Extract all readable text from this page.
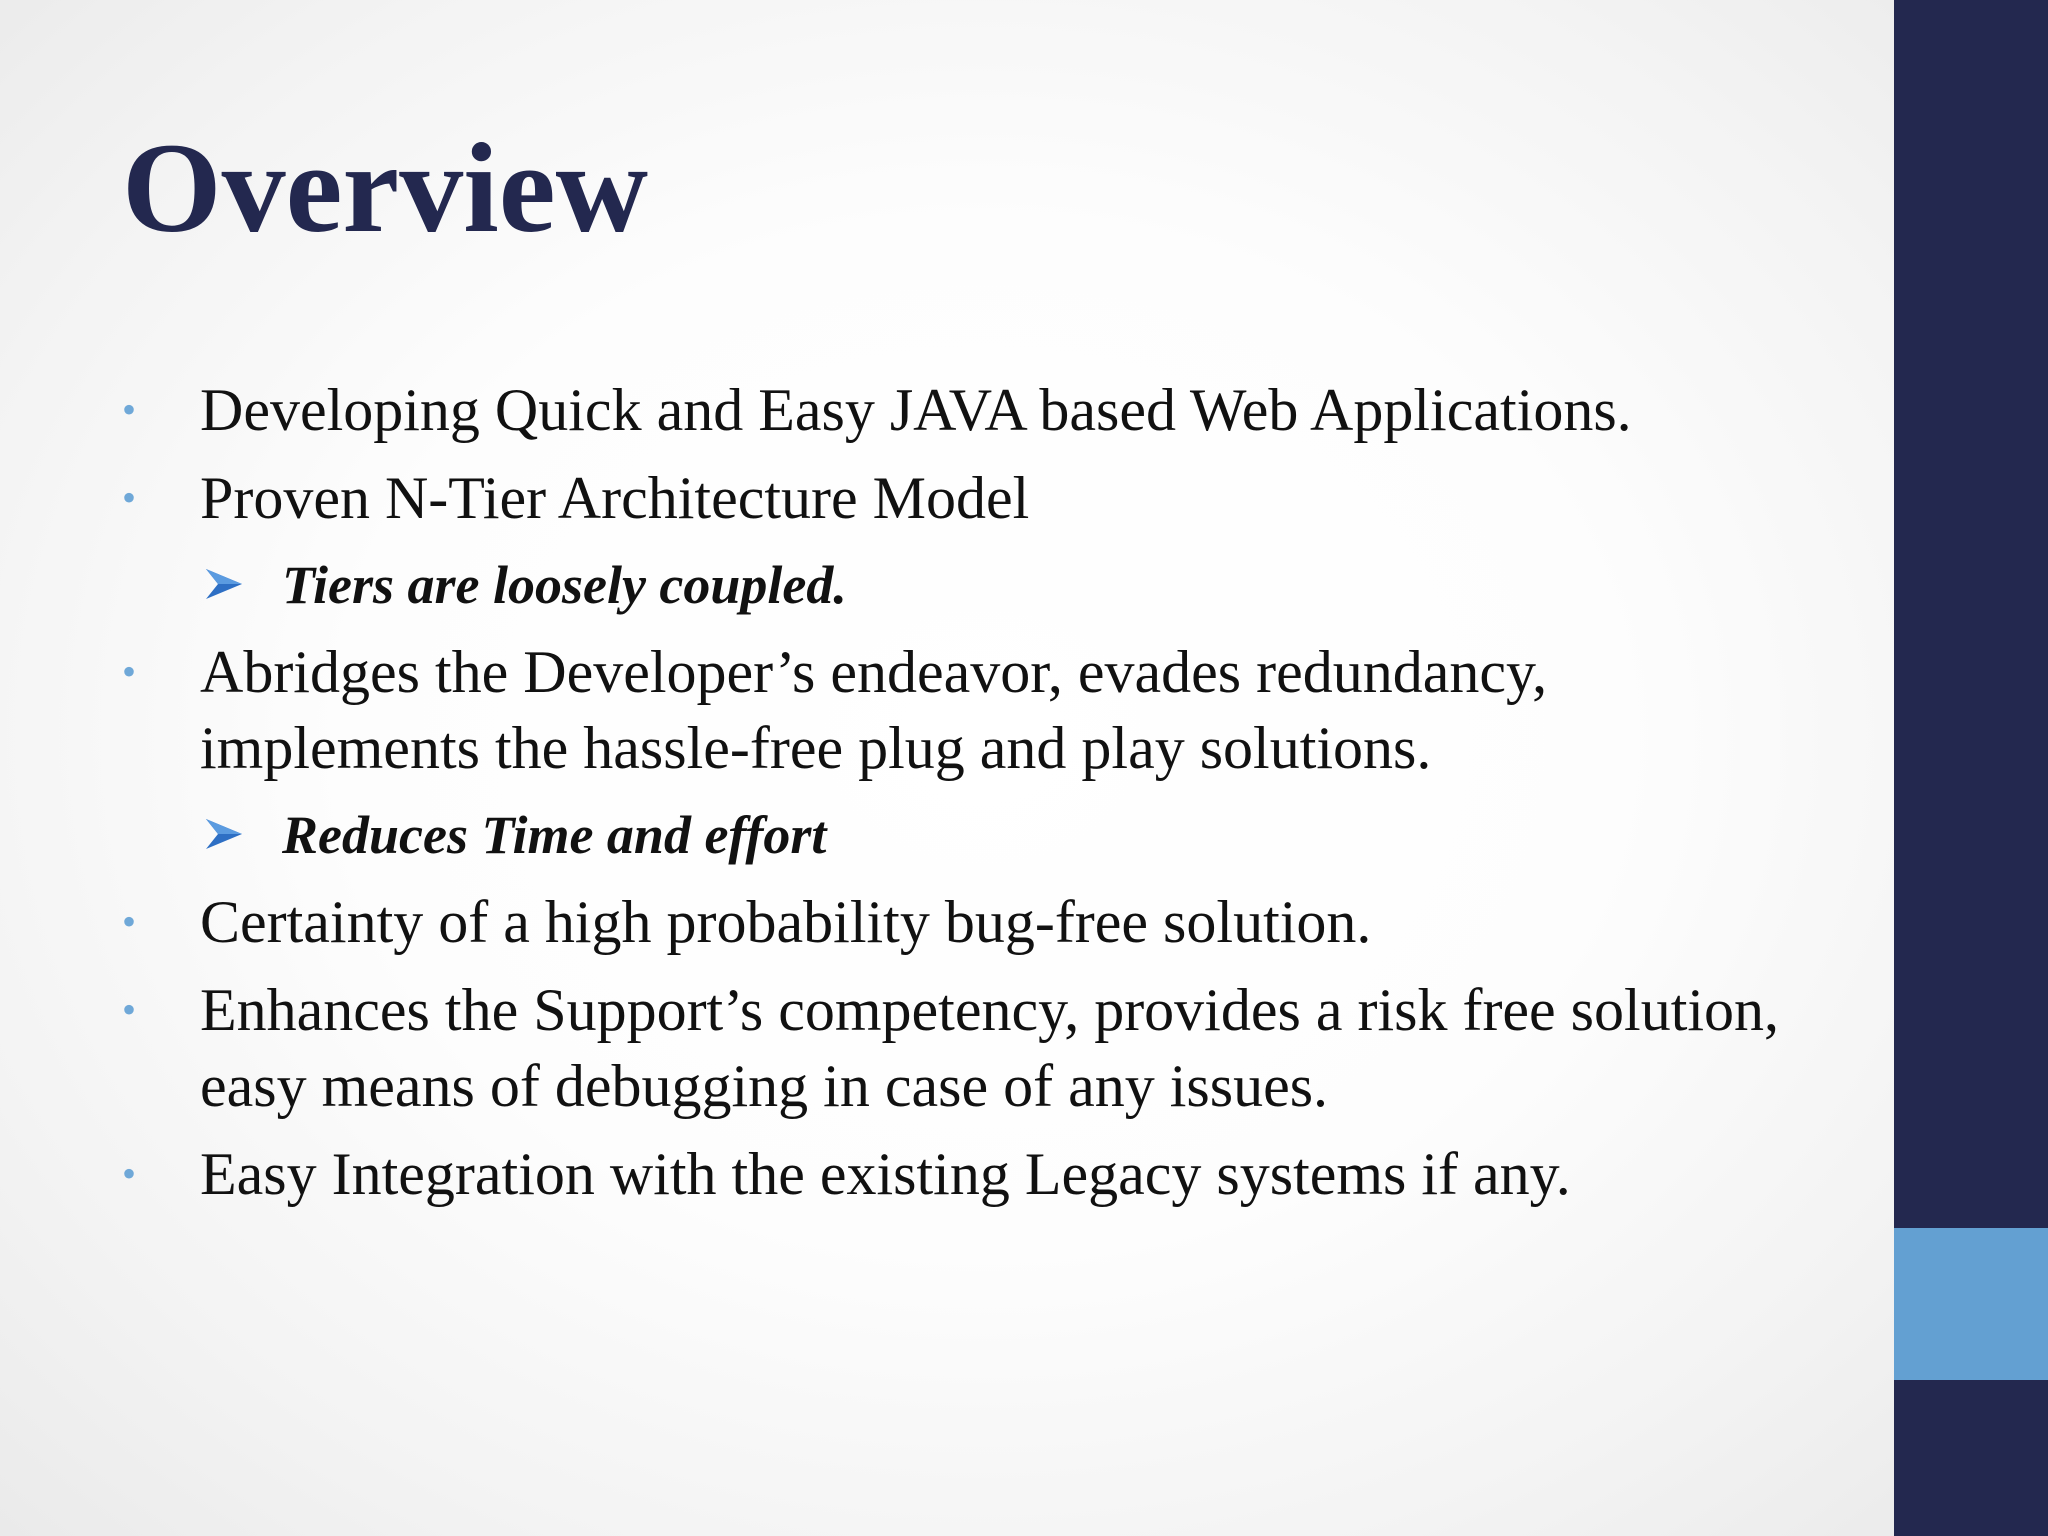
Overview
•	Developing Quick and Easy JAVA based Web Applications.
•	Proven N-Tier Architecture Model
Tiers are loosely coupled.
•	Abridges the Developer’s endeavor, evades redundancy, implements the hassle-free plug and play solutions.
Reduces Time and effort
•	Certainty of a high probability bug-free solution.
•	Enhances the Support’s competency, provides a risk free solution, easy means of debugging in case of any issues.
•	Easy Integration with the existing Legacy systems if any.
